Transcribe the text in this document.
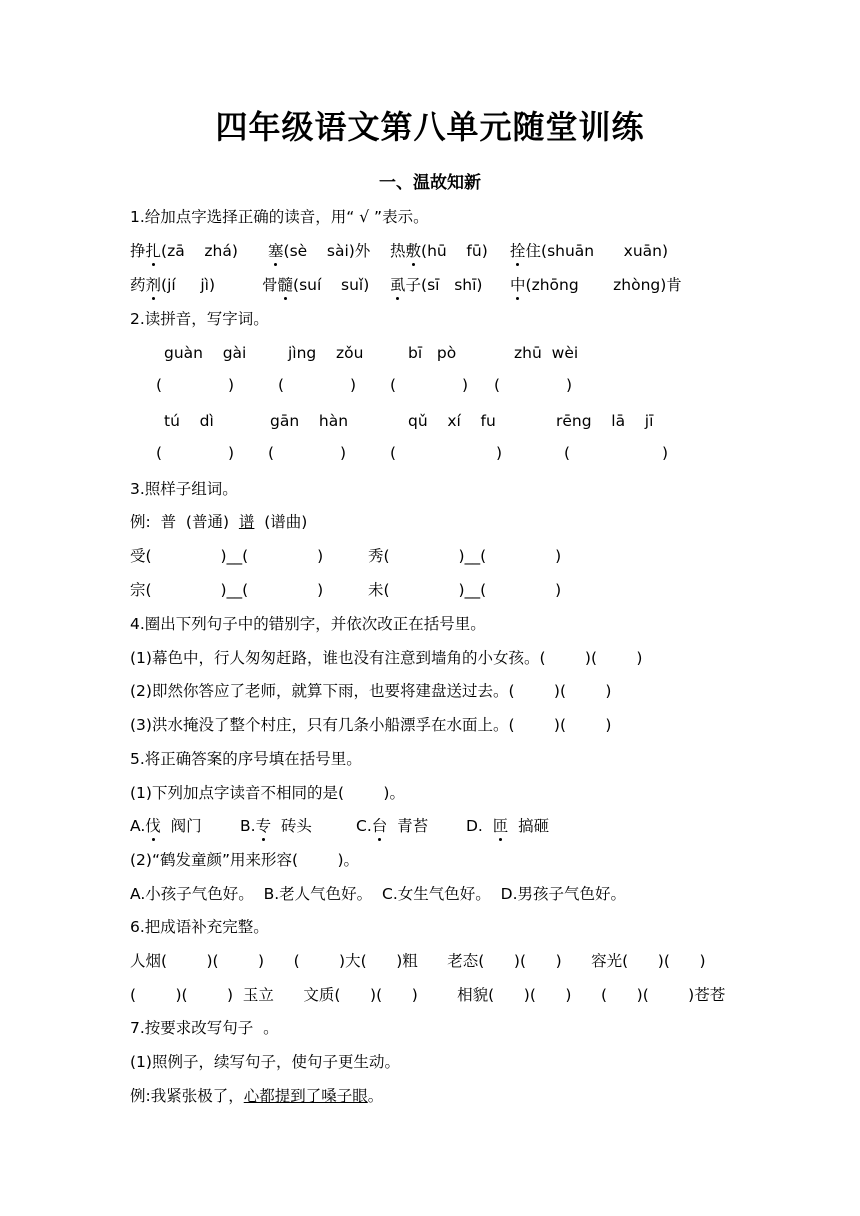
四年级语文第八单元随堂训练
一、温故知新
1.给加点字选择正确的读音，用“ √ ”表示。
挣扎(zā    zhá) 塞(sè    sài)外 热敷(hū    fū) 拴住(shuān      xuān)
药剂(jí     jì)	骨髓(suí    suǐ) 虱子(sī   shī) 中(zhōng       zhòng)肯
2.读拼音，写字词。
guàn    gài	jìng    zǒu	bī   pò	zhū  wèi
(	)	(	) (	) (	)
tú    dì	gān    hàn	qǔ    xí    fu	rēng    lā    jī
(	) (	)	(	)	(	)
3.照样子组词。
例:  普  (普通)  谱  (谱曲)
受(              )__(              )	秀(              )__(              )
宗(              )__(              )	未(              )__(              )
4.圈出下列句子中的错别字，并依次改正在括号里。
(1)幕色中，行人匆匆赶路，谁也没有注意到墙角的小女孩。(        )(        )
(2)即然你答应了老师，就算下雨，也要将建盘送过去。(        )(        )
(3)洪水掩没了整个村庄，只有几条小船漂孚在水面上。(        )(        )
5.将正确答案的序号填在括号里。
(1)下列加点字读音不相同的是(        )。
A.伐  阀门 B.专  砖头	C.台  青苔 D.  匝  搞砸
(2)“鹤发童颜”用来形容(        )。
A.小孩子气色好。  B.老人气色好。  C.女生气色好。  D.男孩子气色好。
6.把成语补充完整。
人烟(        )(        )      (        )大(      )粗      老态(      )(      )      容光(      )(      )
(        )(        )  玉立      文质(      )(      )        相貌(      )(      )      (      )(        )苍苍
7.按要求改写句子  。
(1)照例子，续写句子，使句子更生动。
例:我紧张极了，心都提到了嗓子眼。
